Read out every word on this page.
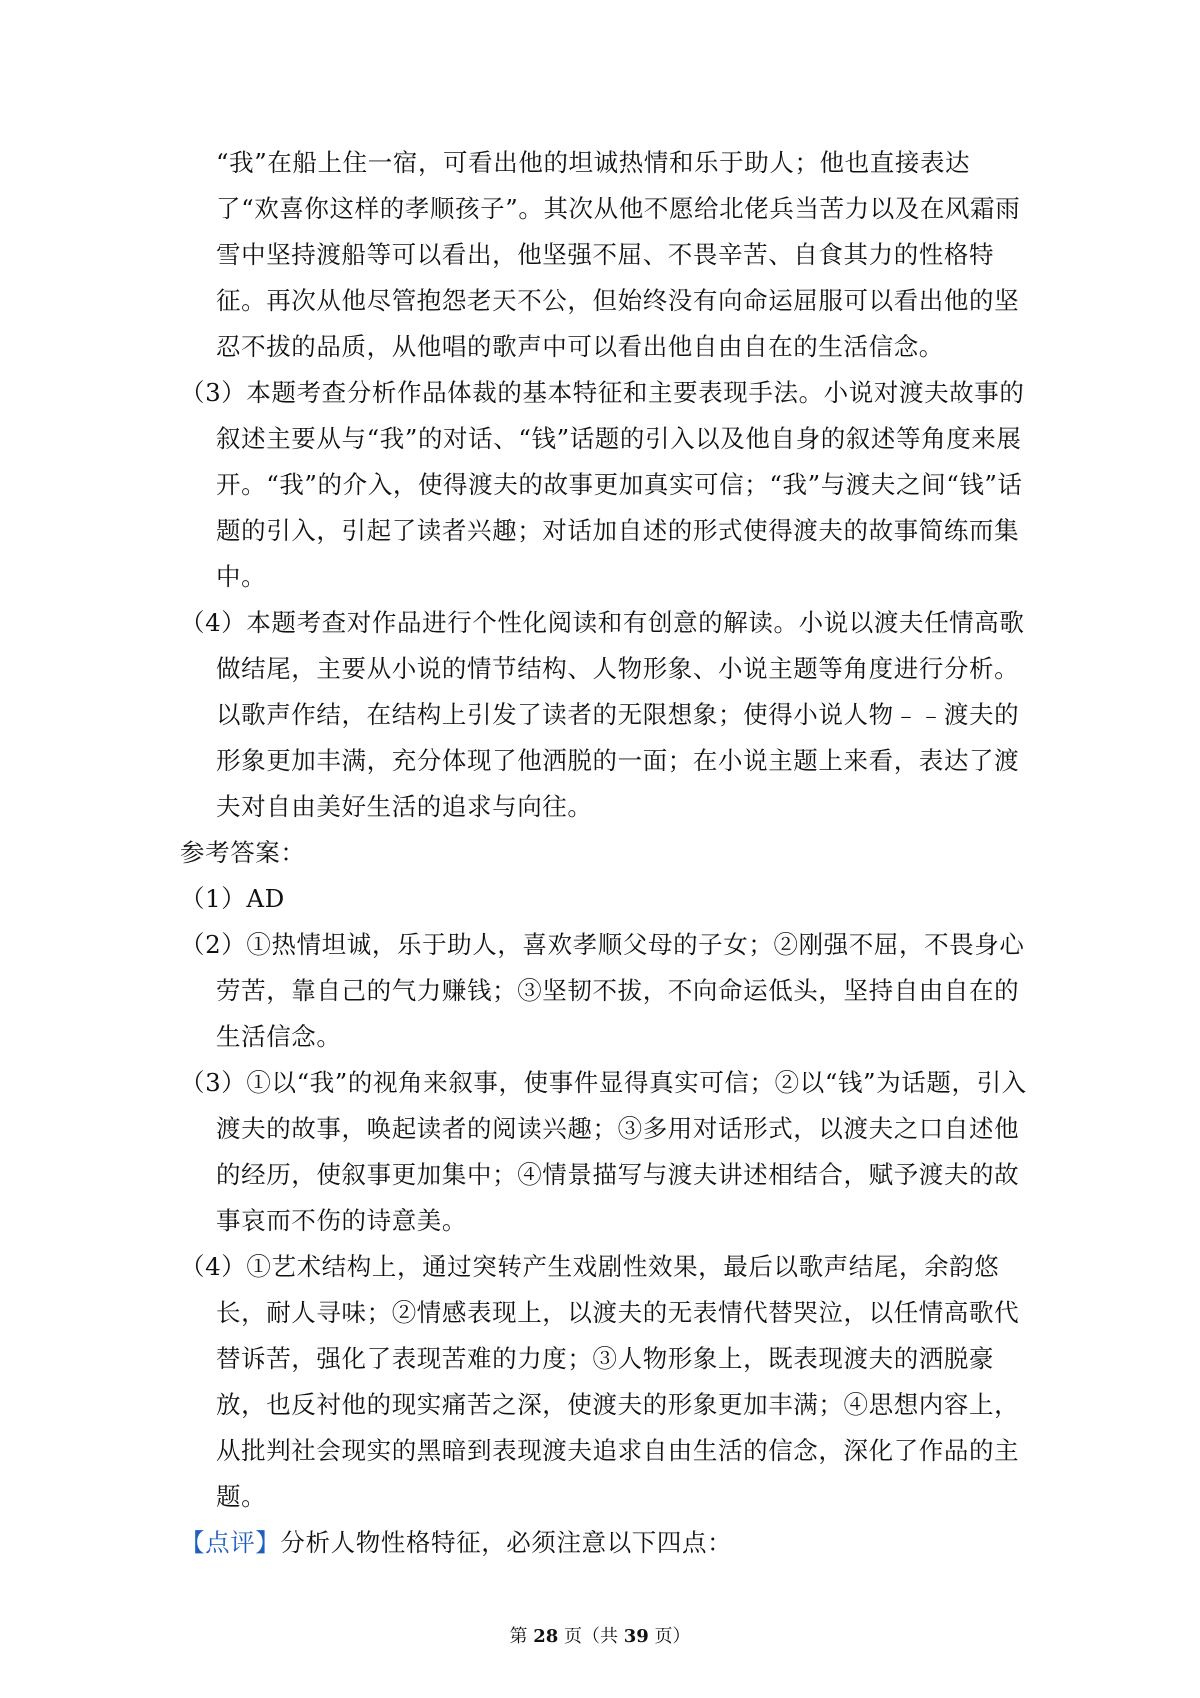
“我”在船上住一宿，可看出他的坦诚热情和乐于助人；他也直接表达了“欢喜你这样的孝顺孩子”。其次从他不愿给北佬兵当苦力以及在风霜雨雪中坚持渡船等可以看出，他坚强不屈、不畏辛苦、自食其力的性格特征。再次从他尽管抱怨老天不公，但始终没有向命运屈服可以看出他的坚忍不拔的品质，从他唱的歌声中可以看出他自由自在的生活信念。

（3）本题考查分析作品体裁的基本特征和主要表现手法。小说对渡夫故事的叙述主要从与“我”的对话、“钱”话题的引入以及他自身的叙述等角度来展开。“我”的介入，使得渡夫的故事更加真实可信；“我”与渡夫之间“钱”话题的引入，引起了读者兴趣；对话加自述的形式使得渡夫的故事简练而集中。

（4）本题考查对作品进行个性化阅读和有创意的解读。小说以渡夫任情高歌做结尾，主要从小说的情节结构、人物形象、小说主题等角度进行分析。以歌声作结，在结构上引发了读者的无限想象；使得小说人物﹣﹣渡夫的形象更加丰满，充分体现了他洒脱的一面；在小说主题上来看，表达了渡夫对自由美好生活的追求与向往。

参考答案：

（1）AD

（2）①热情坦诚，乐于助人，喜欢孝顺父母的子女；②刚强不屈，不畏身心劳苦，靠自己的气力赚钱；③坚韧不拔，不向命运低头，坚持自由自在的生活信念。

（3）①以“我”的视角来叙事，使事件显得真实可信；②以“钱”为话题，引入渡夫的故事，唤起读者的阅读兴趣；③多用对话形式，以渡夫之口自述他的经历，使叙事更加集中；④情景描写与渡夫讲述相结合，赋予渡夫的故事哀而不伤的诗意美。

（4）①艺术结构上，通过突转产生戏剧性效果，最后以歌声结尾，余韵悠长，耐人寻味；②情感表现上，以渡夫的无表情代替哭泣，以任情高歌代替诉苦，强化了表现苦难的力度；③人物形象上，既表现渡夫的洒脱豪放，也反衬他的现实痛苦之深，使渡夫的形象更加丰满；④思想内容上，从批判社会现实的黑暗到表现渡夫追求自由生活的信念，深化了作品的主题。

【点评】分析人物性格特征，必须注意以下四点：

第 28 页（共 39 页）
